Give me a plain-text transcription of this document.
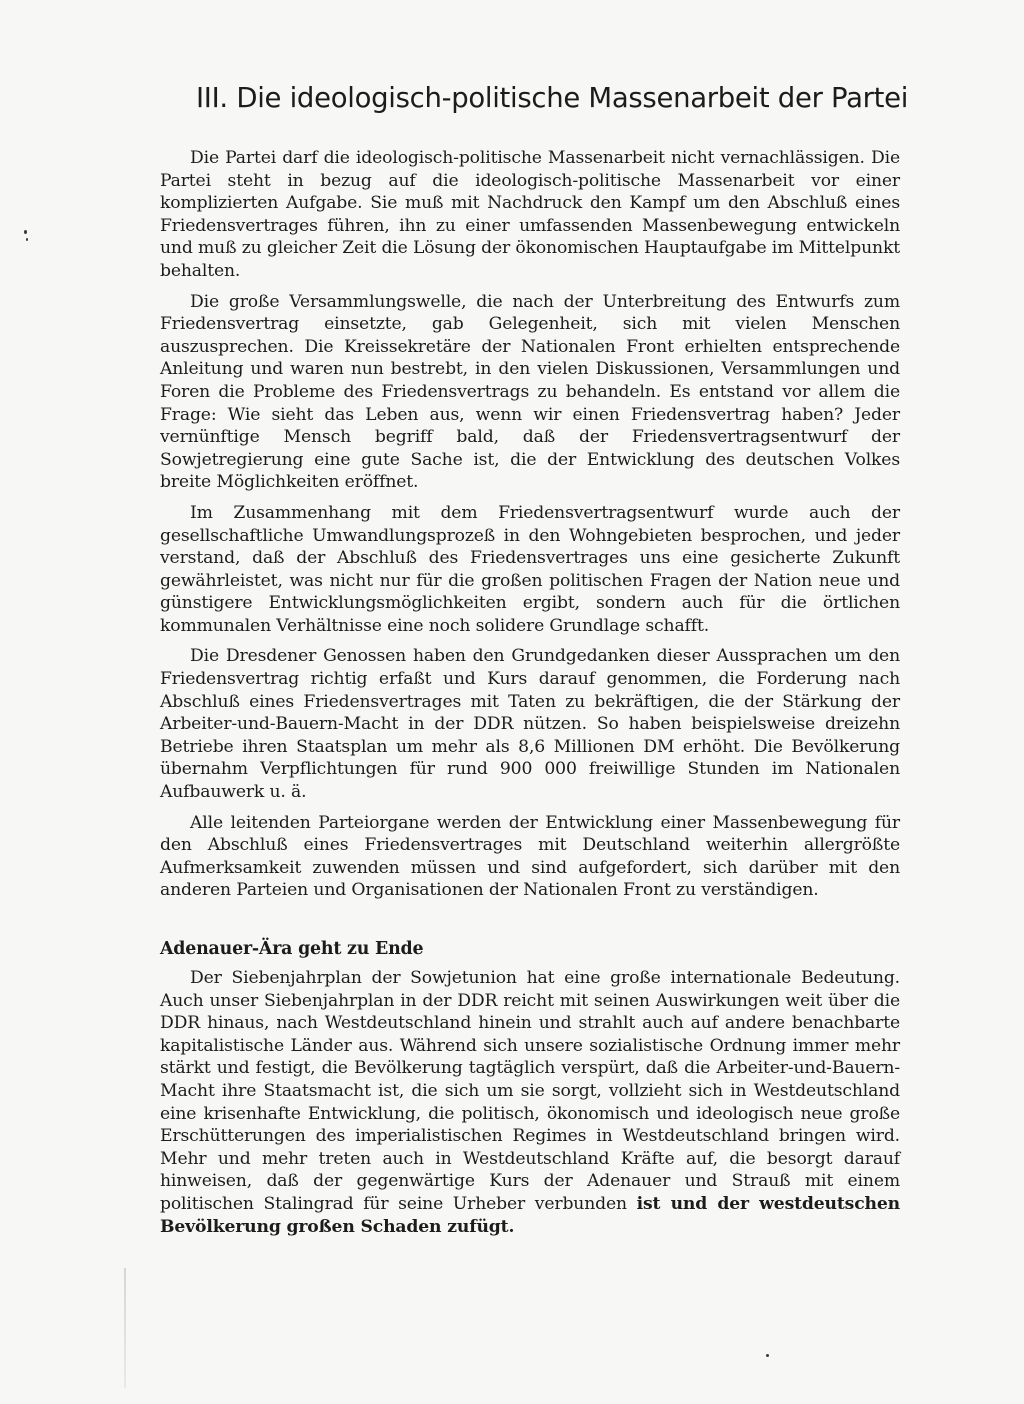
III. Die ideologisch-politische Massenarbeit der Partei

Die Partei darf die ideologisch-politische Massenarbeit nicht vernachlässigen. Die Partei steht in bezug auf die ideologisch-politische Massenarbeit vor einer komplizierten Aufgabe. Sie muß mit Nachdruck den Kampf um den Abschluß eines Friedensvertrages führen, ihn zu einer umfassenden Massenbewegung entwickeln und muß zu gleicher Zeit die Lösung der ökonomischen Hauptaufgabe im Mittelpunkt behalten.

Die große Versammlungswelle, die nach der Unterbreitung des Entwurfs zum Friedensvertrag einsetzte, gab Gelegenheit, sich mit vielen Menschen auszusprechen. Die Kreissekretäre der Nationalen Front erhielten entsprechende Anleitung und waren nun bestrebt, in den vielen Diskussionen, Versammlungen und Foren die Probleme des Friedensvertrags zu behandeln. Es entstand vor allem die Frage: Wie sieht das Leben aus, wenn wir einen Friedensvertrag haben? Jeder vernünftige Mensch begriff bald, daß der Friedensvertragsentwurf der Sowjetregierung eine gute Sache ist, die der Entwicklung des deutschen Volkes breite Möglichkeiten eröffnet.

Im Zusammenhang mit dem Friedensvertragsentwurf wurde auch der gesellschaftliche Umwandlungsprozeß in den Wohngebieten besprochen, und jeder verstand, daß der Abschluß des Friedensvertrages uns eine gesicherte Zukunft gewährleistet, was nicht nur für die großen politischen Fragen der Nation neue und günstigere Entwicklungsmöglichkeiten ergibt, sondern auch für die örtlichen kommunalen Verhältnisse eine noch solidere Grundlage schafft.

Die Dresdener Genossen haben den Grundgedanken dieser Aussprachen um den Friedensvertrag richtig erfaßt und Kurs darauf genommen, die Forderung nach Abschluß eines Friedensvertrages mit Taten zu bekräftigen, die der Stärkung der Arbeiter-und-Bauern-Macht in der DDR nützen. So haben beispielsweise dreizehn Betriebe ihren Staatsplan um mehr als 8,6 Millionen DM erhöht. Die Bevölkerung übernahm Verpflichtungen für rund 900 000 freiwillige Stunden im Nationalen Aufbauwerk u. ä.

Alle leitenden Parteiorgane werden der Entwicklung einer Massenbewegung für den Abschluß eines Friedensvertrages mit Deutschland weiterhin allergrößte Aufmerksamkeit zuwenden müssen und sind aufgefordert, sich darüber mit den anderen Parteien und Organisationen der Nationalen Front zu verständigen.

Adenauer-Ära geht zu Ende

Der Siebenjahrplan der Sowjetunion hat eine große internationale Bedeutung. Auch unser Siebenjahrplan in der DDR reicht mit seinen Auswirkungen weit über die DDR hinaus, nach Westdeutschland hinein und strahlt auch auf andere benachbarte kapitalistische Länder aus. Während sich unsere sozialistische Ordnung immer mehr stärkt und festigt, die Bevölkerung tagtäglich verspürt, daß die Arbeiter-und-Bauern-Macht ihre Staatsmacht ist, die sich um sie sorgt, vollzieht sich in Westdeutschland eine krisenhafte Entwicklung, die politisch, ökonomisch und ideologisch neue große Erschütterungen des imperialistischen Regimes in Westdeutschland bringen wird. Mehr und mehr treten auch in Westdeutschland Kräfte auf, die besorgt darauf hinweisen, daß der gegenwärtige Kurs der Adenauer und Strauß mit einem politischen Stalingrad für seine Urheber verbunden ist und der westdeutschen Bevölkerung großen Schaden zufügt.
